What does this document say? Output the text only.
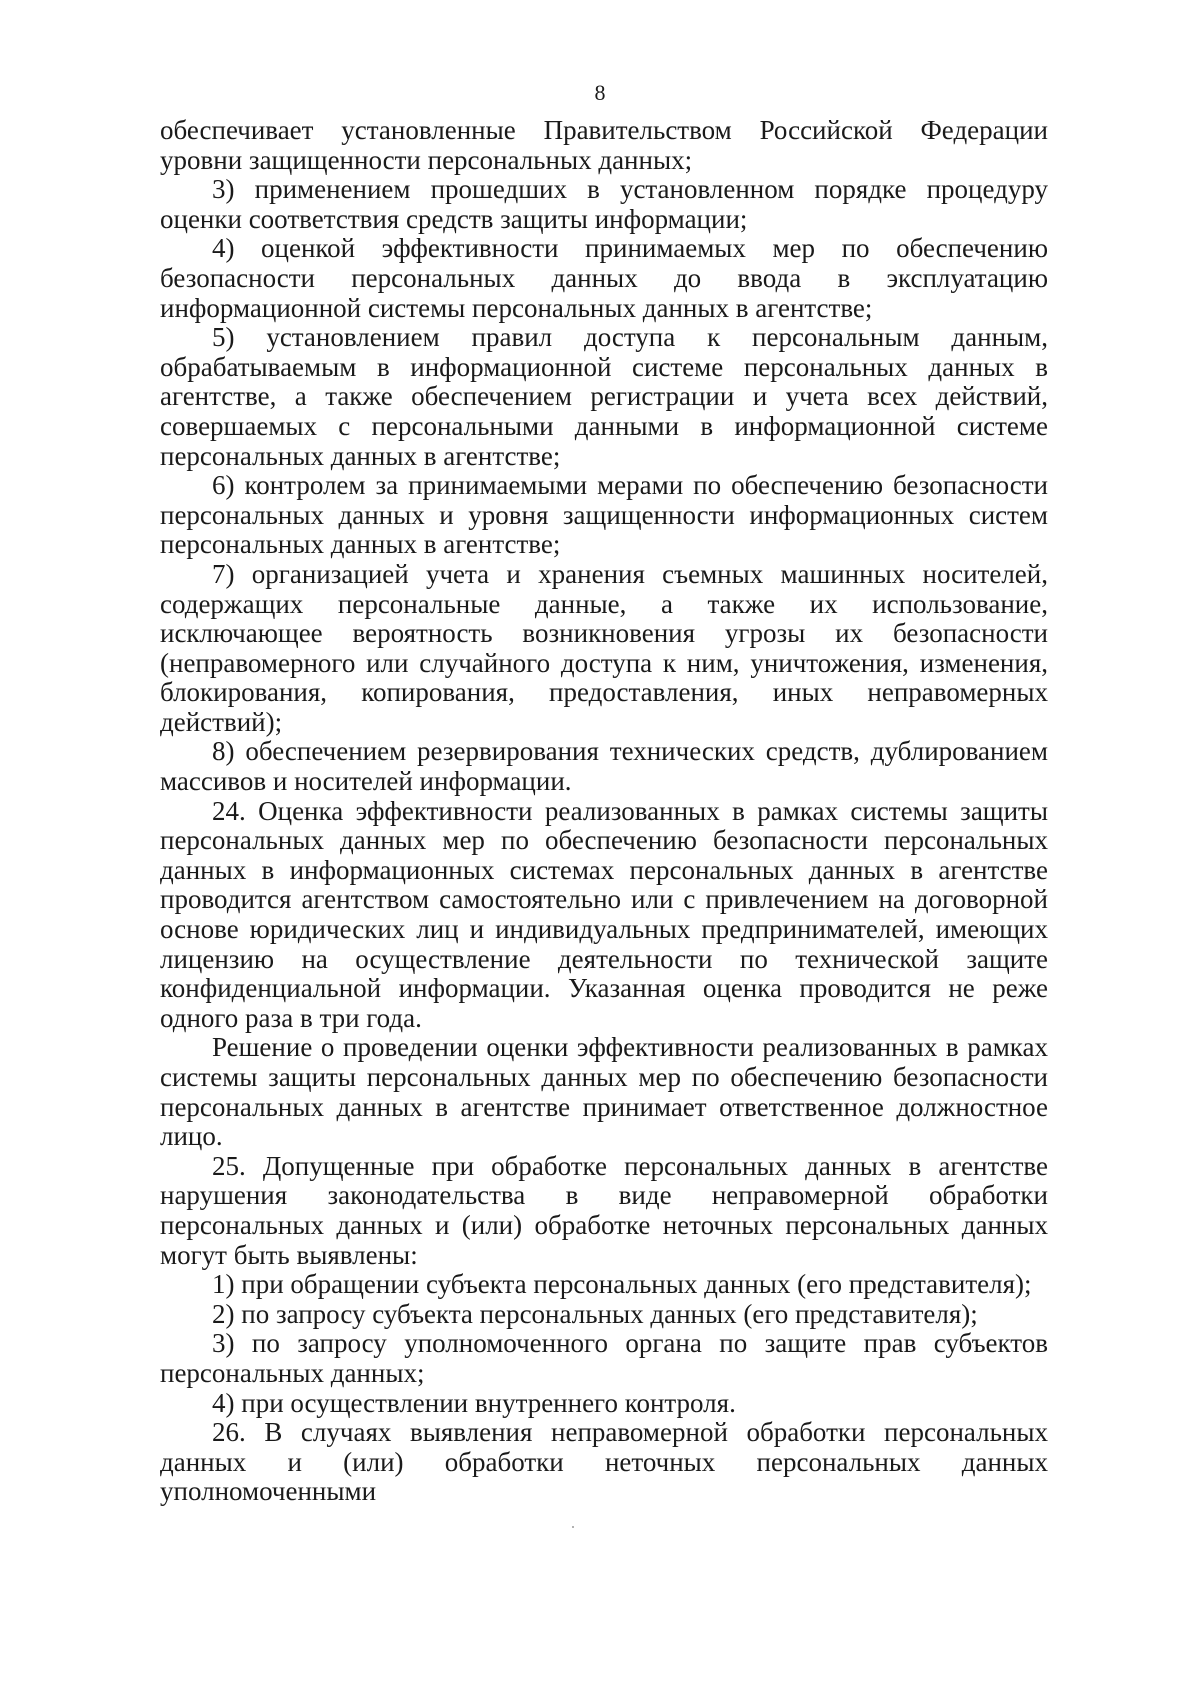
8

обеспечивает установленные Правительством Российской Федерации уровни защищенности персональных данных;

3) применением прошедших в установленном порядке процедуру оценки соответствия средств защиты информации;

4) оценкой эффективности принимаемых мер по обеспечению безопасности персональных данных до ввода в эксплуатацию информационной системы персональных данных в агентстве;

5) установлением правил доступа к персональным данным, обрабатываемым в информационной системе персональных данных в агентстве, а также обеспечением регистрации и учета всех действий, совершаемых с персональными данными в информационной системе персональных данных в агентстве;

6) контролем за принимаемыми мерами по обеспечению безопасности персональных данных и уровня защищенности информационных систем персональных данных в агентстве;

7) организацией учета и хранения съемных машинных носителей, содержащих персональные данные, а также их использование, исключающее вероятность возникновения угрозы их безопасности (неправомерного или случайного доступа к ним, уничтожения, изменения, блокирования, копирования, предоставления, иных неправомерных действий);

8) обеспечением резервирования технических средств, дублированием массивов и носителей информации.

24. Оценка эффективности реализованных в рамках системы защиты персональных данных мер по обеспечению безопасности персональных данных в информационных системах персональных данных в агентстве проводится агентством самостоятельно или с привлечением на договорной основе юридических лиц и индивидуальных предпринимателей, имеющих лицензию на осуществление деятельности по технической защите конфиденциальной информации. Указанная оценка проводится не реже одного раза в три года.

Решение о проведении оценки эффективности реализованных в рамках системы защиты персональных данных мер по обеспечению безопасности персональных данных в агентстве принимает ответственное должностное лицо.

25. Допущенные при обработке персональных данных в агентстве нарушения законодательства в виде неправомерной обработки персональных данных и (или) обработке неточных персональных данных могут быть выявлены:

1) при обращении субъекта персональных данных (его представителя);

2) по запросу субъекта персональных данных (его представителя);

3) по запросу уполномоченного органа по защите прав субъектов персональных данных;

4) при осуществлении внутреннего контроля.

26. В случаях выявления неправомерной обработки персональных данных и (или) обработки неточных персональных данных уполномоченными
